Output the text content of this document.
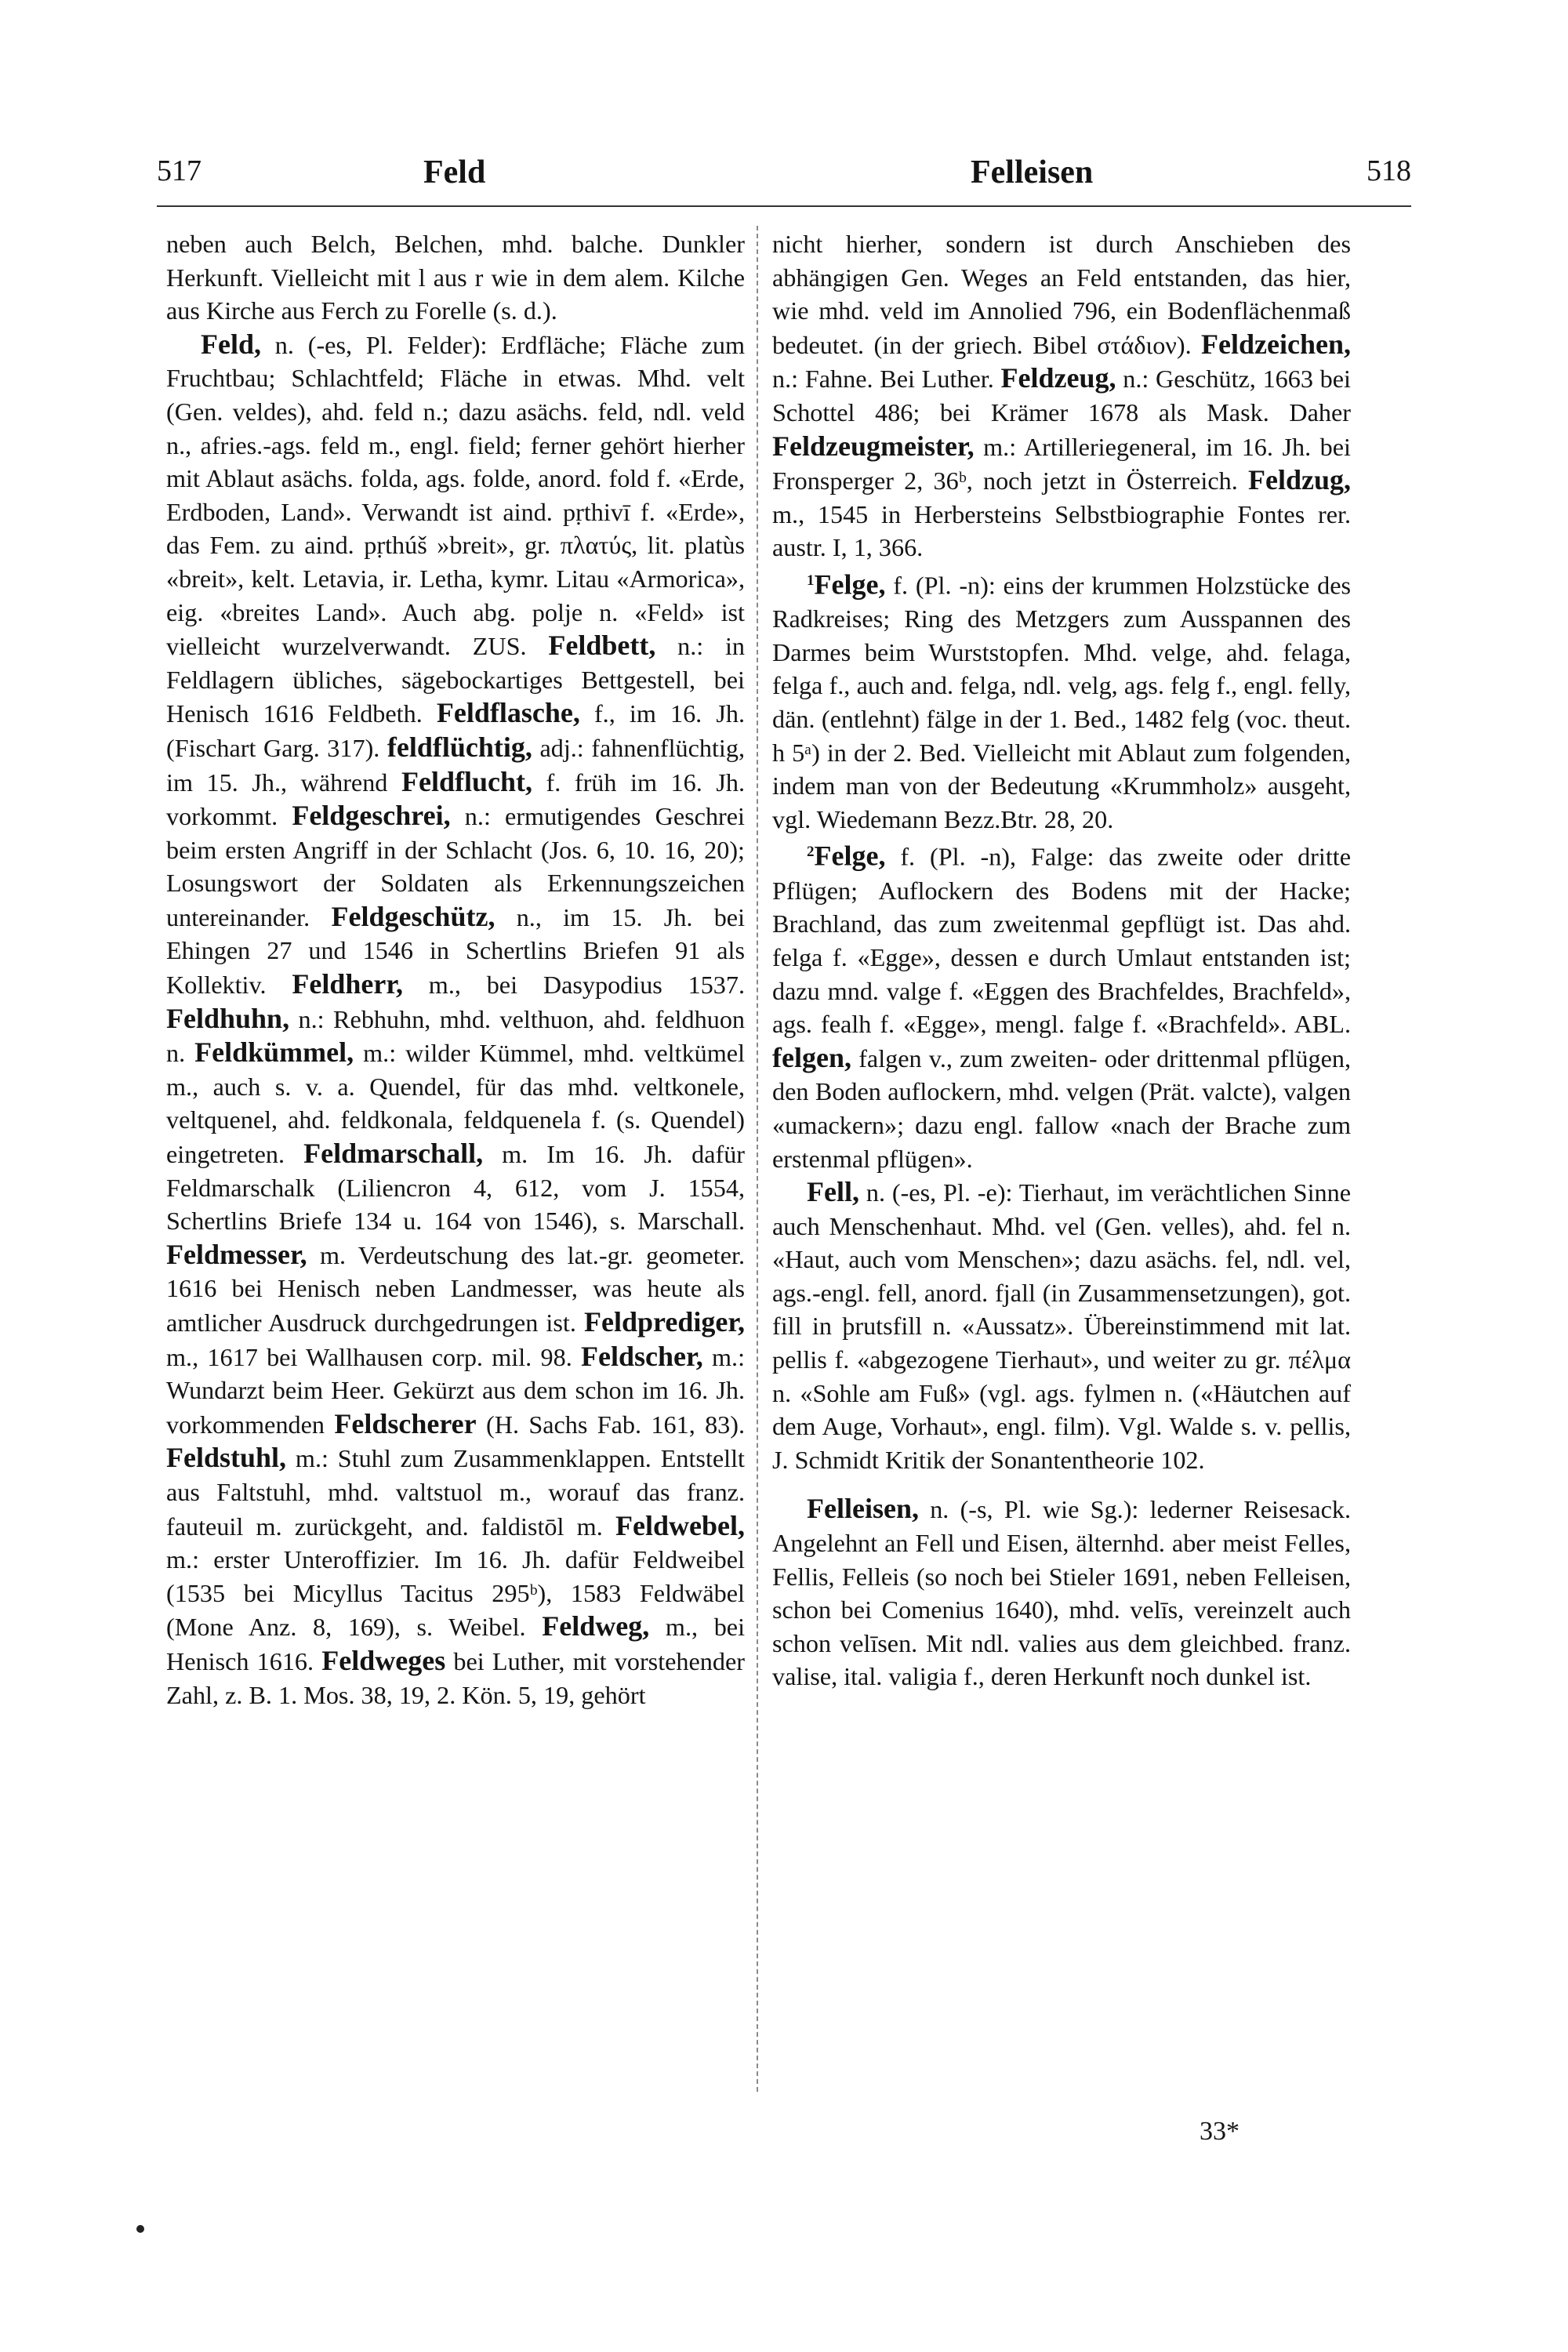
517	Feld	Felleisen	518

neben auch Belch, Belchen, mhd. balche. Dunkler Herkunft. Vielleicht mit l aus r wie in dem alem. Kilche aus Kirche aus Ferch zu Forelle (s. d.).

Feld, n. (-es, Pl. Felder): Erdfläche; Fläche zum Fruchtbau; Schlachtfeld; Fläche in etwas. Mhd. velt (Gen. veldes), ahd. feld n.; dazu asächs. feld, ndl. veld n., afries.-ags. feld m., engl. field; ferner gehört hierher mit Ablaut asächs. folda, ags. folde, anord. fold f. «Erde, Erdboden, Land». Verwandt ist aind. pṛthivī f. «Erde», das Fem. zu aind. pṛthúš »breit», gr. πλατύς, lit. platùs «breit», kelt. Letavia, ir. Letha, kymr. Litau «Armorica», eig. «breites Land». Auch abg. polje n. «Feld» ist vielleicht wurzelverwandt. ZUS. Feldbett, n.: in Feldlagern übliches, sägebockartiges Bettgestell, bei Henisch 1616 Feldbeth. Feldflasche, f., im 16. Jh. (Fischart Garg. 317). feldflüchtig, adj.: fahnenflüchtig, im 15. Jh., während Feldflucht, f. früh im 16. Jh. vorkommt. Feldgeschrei, n.: ermutigendes Geschrei beim ersten Angriff in der Schlacht (Jos. 6, 10. 16, 20); Losungswort der Soldaten als Erkennungszeichen untereinander. Feldgeschütz, n., im 15. Jh. bei Ehingen 27 und 1546 in Schertlins Briefen 91 als Kollektiv. Feldherr, m., bei Dasypodius 1537. Feldhuhn, n.: Rebhuhn, mhd. velthuon, ahd. feldhuon n. Feldkümmel, m.: wilder Kümmel, mhd. veltkümel m., auch s. v. a. Quendel, für das mhd. veltkonele, veltquenel, ahd. feldkonala, feldquenela f. (s. Quendel) eingetreten. Feldmarschall, m. Im 16. Jh. dafür Feldmarschalk (Liliencron 4, 612, vom J. 1554, Schertlins Briefe 134 u. 164 von 1546), s. Marschall. Feldmesser, m. Verdeutschung des lat.-gr. geometer. 1616 bei Henisch neben Landmesser, was heute als amtlicher Ausdruck durchgedrungen ist. Feldprediger, m., 1617 bei Wallhausen corp. mil. 98. Feldscher, m.: Wundarzt beim Heer. Gekürzt aus dem schon im 16. Jh. vorkommenden Feldscherer (H. Sachs Fab. 161, 83). Feldstuhl, m.: Stuhl zum Zusammenklappen. Entstellt aus Faltstuhl, mhd. valtstuol m., worauf das franz. fauteuil m. zurückgeht, and. faldistōl m. Feldwebel, m.: erster Unteroffizier. Im 16. Jh. dafür Feldweibel (1535 bei Micyllus Tacitus 295ᵇ), 1583 Feldwäbel (Mone Anz. 8, 169), s. Weibel. Feldweg, m., bei Henisch 1616. Feldweges bei Luther, mit vorstehender Zahl, z. B. 1. Mos. 38, 19, 2. Kön. 5, 19, gehört

nicht hierher, sondern ist durch Anschieben des abhängigen Gen. Weges an Feld entstanden, das hier, wie mhd. veld im Annolied 796, ein Bodenflächenmaß bedeutet. (in der griech. Bibel στάδιον). Feldzeichen, n.: Fahne. Bei Luther. Feldzeug, n.: Geschütz, 1663 bei Schottel 486; bei Krämer 1678 als Mask. Daher Feldzeugmeister, m.: Artilleriegeneral, im 16. Jh. bei Fronsperger 2, 36ᵇ, noch jetzt in Österreich. Feldzug, m., 1545 in Herbersteins Selbstbiographie Fontes rer. austr. I, 1, 366.

$^1$Felge, f. (Pl. -n): eins der krummen Holzstücke des Radkreises; Ring des Metzgers zum Ausspannen des Darmes beim Wurststopfen. Mhd. velge, ahd. felaga, felga f., auch and. felga, ndl. velg, ags. felg f., engl. felly, dän. (entlehnt) fälge in der 1. Bed., 1482 felg (voc. theut. h 5ᵃ) in der 2. Bed. Vielleicht mit Ablaut zum folgenden, indem man von der Bedeutung «Krummholz» ausgeht, vgl. Wiedemann Bezz.Btr. 28, 20.

$^2$Felge, f. (Pl. -n), Falge: das zweite oder dritte Pflügen; Auflockern des Bodens mit der Hacke; Brachland, das zum zweitenmal gepflügt ist. Das ahd. felga f. «Egge», dessen e durch Umlaut entstanden ist; dazu mnd. valge f. «Eggen des Brachfeldes, Brachfeld», ags. fealh f. «Egge», mengl. falge f. «Brachfeld». ABL. felgen, falgen v., zum zweiten- oder drittenmal pflügen, den Boden auflockern, mhd. velgen (Prät. valcte), valgen «umackern»; dazu engl. fallow «nach der Brache zum erstenmal pflügen».

Fell, n. (-es, Pl. -e): Tierhaut, im verächtlichen Sinne auch Menschenhaut. Mhd. vel (Gen. velles), ahd. fel n. «Haut, auch vom Menschen»; dazu asächs. fel, ndl. vel, ags.-engl. fell, anord. fjall (in Zusammensetzungen), got. fill in þrutsfill n. «Aussatz». Übereinstimmend mit lat. pellis f. «abgezogene Tierhaut», und weiter zu gr. πέλμα n. «Sohle am Fuß» (vgl. ags. fylmen n. («Häutchen auf dem Auge, Vorhaut», engl. film). Vgl. Walde s. v. pellis, J. Schmidt Kritik der Sonantentheorie 102.

Felleisen, n. (-s, Pl. wie Sg.): lederner Reisesack. Angelehnt an Fell und Eisen, älternhd. aber meist Felles, Fellis, Felleis (so noch bei Stieler 1691, neben Felleisen, schon bei Comenius 1640), mhd. velīs, vereinzelt auch schon velīsen. Mit ndl. valies aus dem gleichbed. franz. valise, ital. valigia f., deren Herkunft noch dunkel ist.

33*
